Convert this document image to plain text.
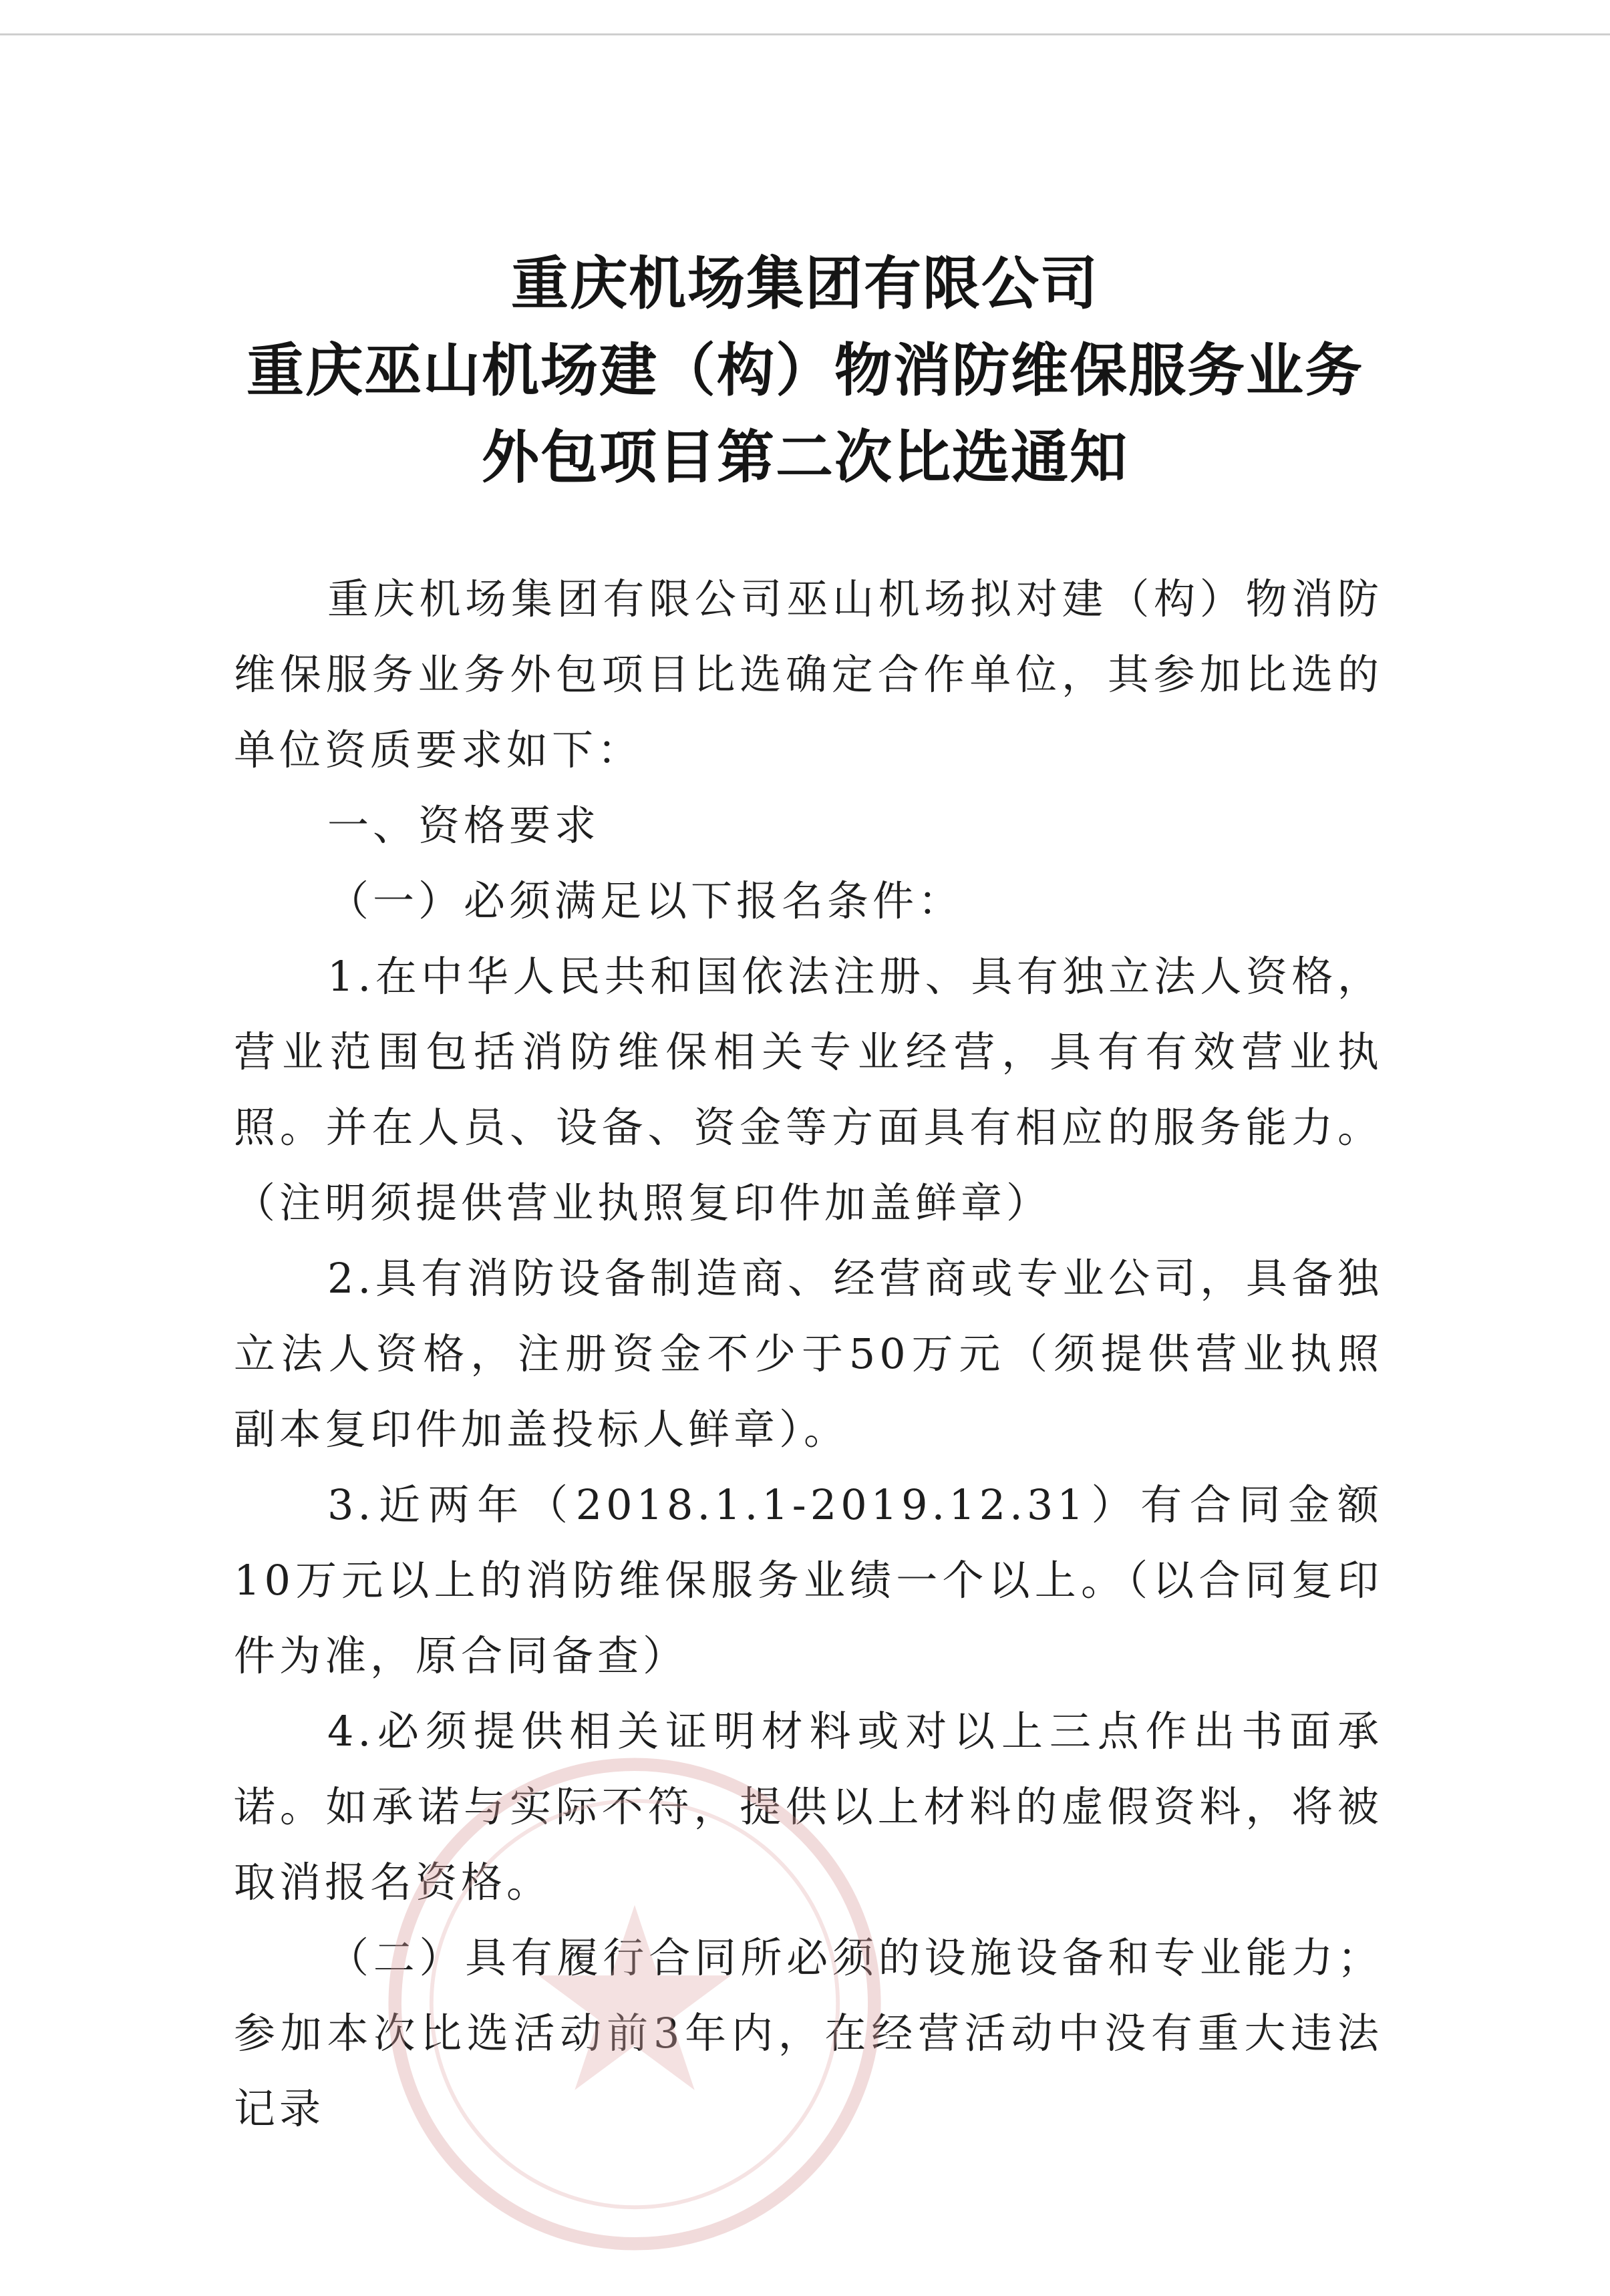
重庆机场集团有限公司
重庆巫山机场建（构）物消防维保服务业务
外包项目第二次比选通知

重庆机场集团有限公司巫山机场拟对建（构）物消防维保服务业务外包项目比选确定合作单位，其参加比选的单位资质要求如下：

一、资格要求

（一）必须满足以下报名条件：

1.在中华人民共和国依法注册、具有独立法人资格，营业范围包括消防维保相关专业经营，具有有效营业执照。并在人员、设备、资金等方面具有相应的服务能力。（注明须提供营业执照复印件加盖鲜章）

2.具有消防设备制造商、经营商或专业公司，具备独立法人资格，注册资金不少于50万元（须提供营业执照副本复印件加盖投标人鲜章）。

3.近两年（2018.1.1-2019.12.31）有合同金额10万元以上的消防维保服务业绩一个以上。（以合同复印件为准，原合同备查）

4.必须提供相关证明材料或对以上三点作出书面承诺。如承诺与实际不符，提供以上材料的虚假资料，将被取消报名资格。

（二）具有履行合同所必须的设施设备和专业能力；参加本次比选活动前3年内，在经营活动中没有重大违法记录
